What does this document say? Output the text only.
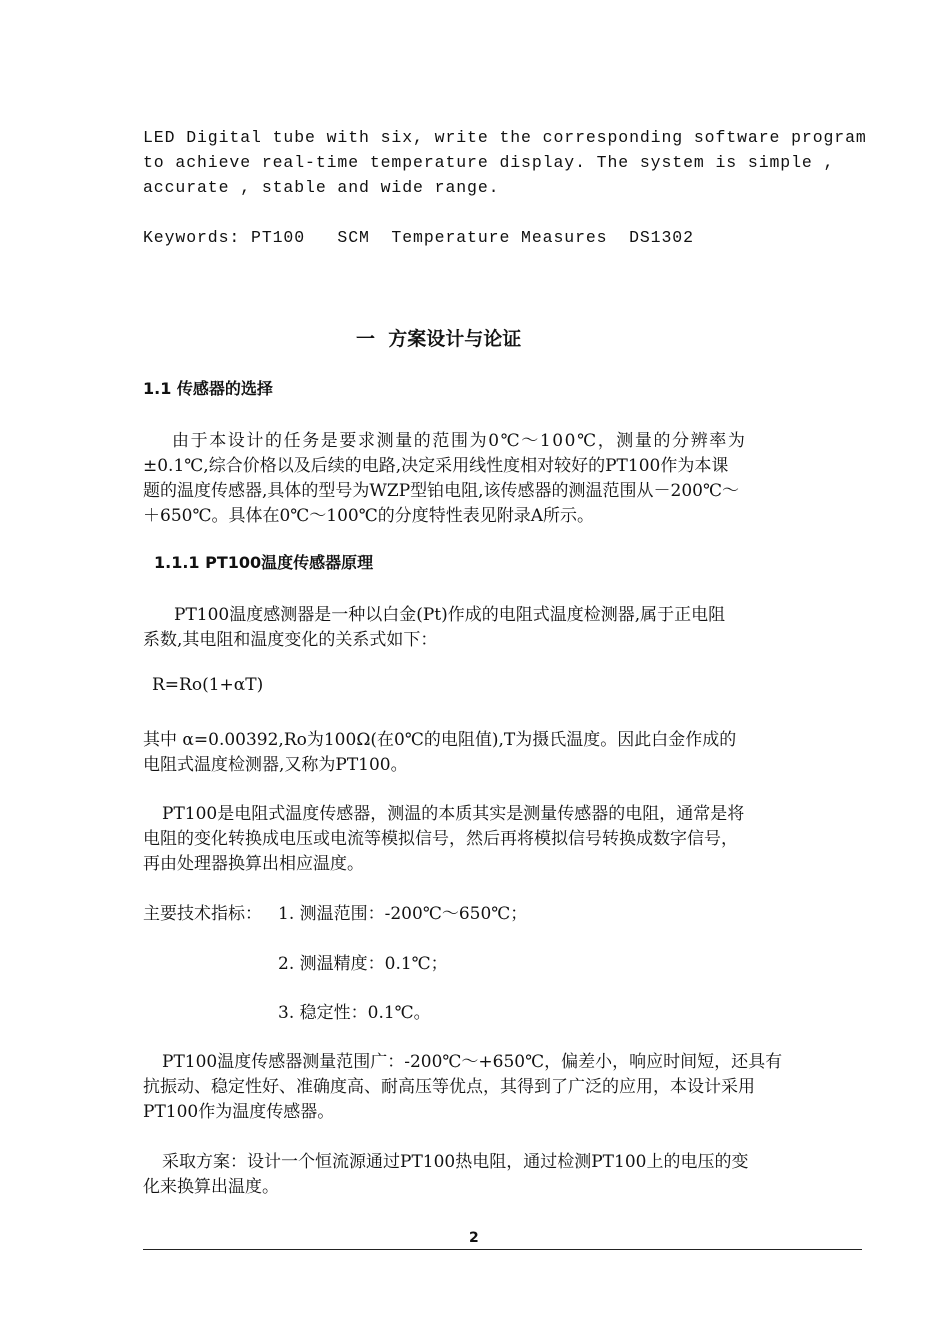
LED Digital tube with six, write the corresponding software program
to achieve real-time temperature display. The system is simple ,
accurate , stable and wide range.
Keywords: PT100   SCM  Temperature Measures  DS1302
一  方案设计与论证
1.1 传感器的选择
由于本设计的任务是要求测量的范围为0℃～100℃，测量的分辨率为
±0.1℃,综合价格以及后续的电路,决定采用线性度相对较好的PT100作为本课
题的温度传感器,具体的型号为WZP型铂电阻,该传感器的测温范围从－200℃～
＋650℃。具体在0℃～100℃的分度特性表见附录A所示。
1.1.1 PT100温度传感器原理
PT100温度感测器是一种以白金(Pt)作成的电阻式温度检测器,属于正电阻
系数,其电阻和温度变化的关系式如下：
R=Ro(1+αT)
其中 α=0.00392,Ro为100Ω(在0℃的电阻值),T为摄氏温度。因此白金作成的
电阻式温度检测器,又称为PT100。
PT100是电阻式温度传感器，测温的本质其实是测量传感器的电阻，通常是将
电阻的变化转换成电压或电流等模拟信号，然后再将模拟信号转换成数字信号，
再由处理器换算出相应温度。
主要技术指标： 1. 测温范围：-200℃～650℃；
2. 测温精度：0.1℃；
3. 稳定性：0.1℃。
PT100温度传感器测量范围广：-200℃～+650℃，偏差小，响应时间短，还具有
抗振动、稳定性好、准确度高、耐高压等优点，其得到了广泛的应用，本设计采用
PT100作为温度传感器。
采取方案：设计一个恒流源通过PT100热电阻，通过检测PT100上的电压的变
化来换算出温度。
2
